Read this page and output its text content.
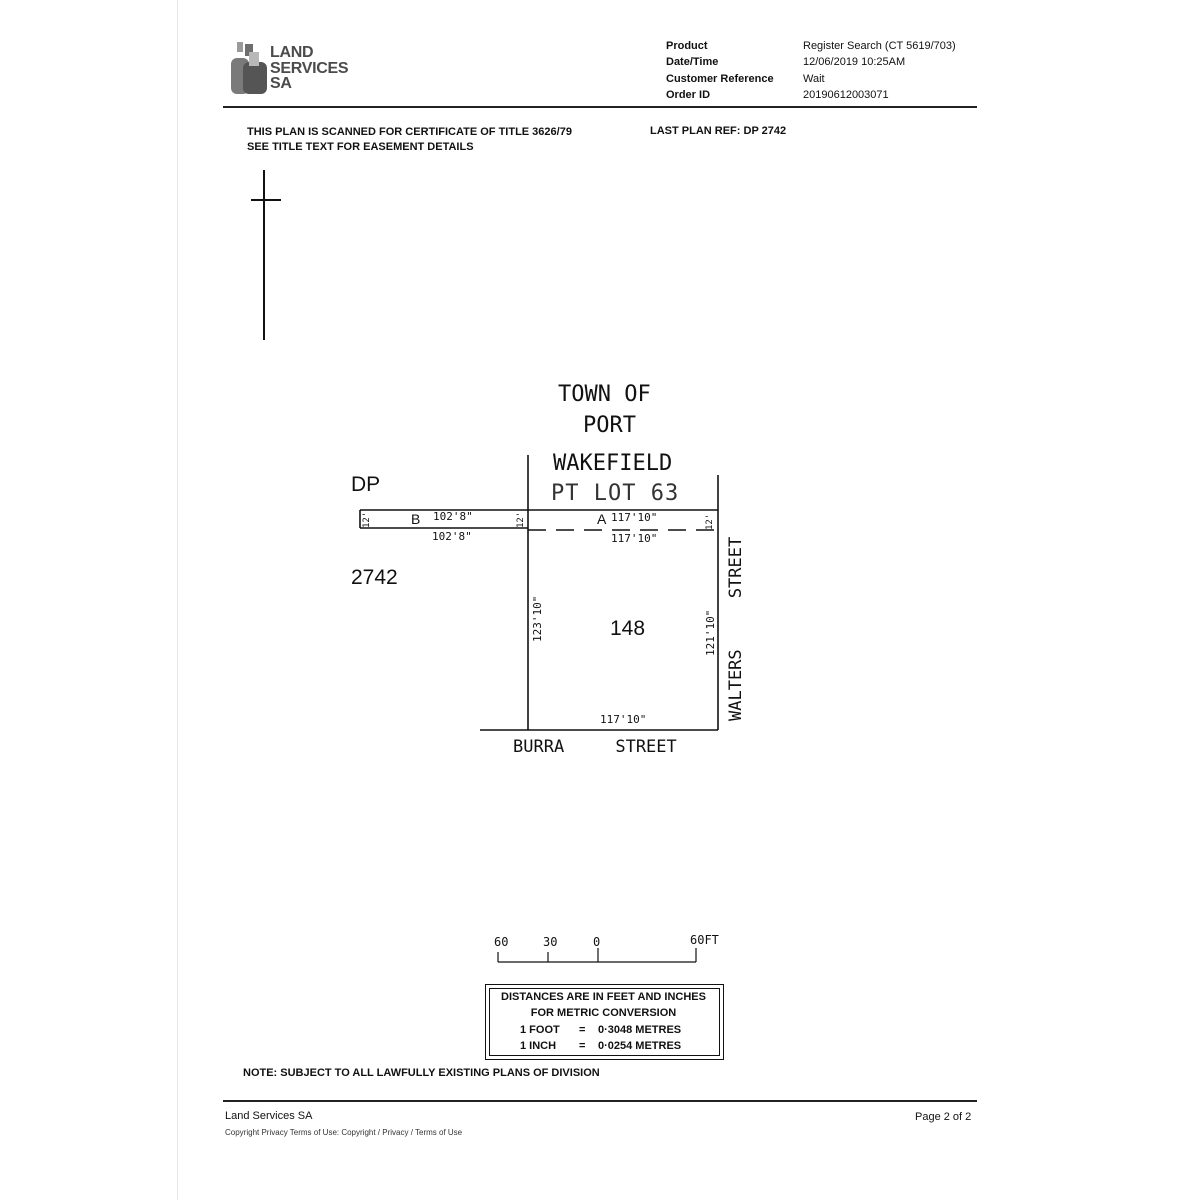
LAND
SERVICES
SA
Product	Register Search (CT 5619/703)
Date/Time	12/06/2019 10:25AM
Customer Reference	Wait
Order ID	20190612003071
THIS PLAN IS SCANNED FOR CERTIFICATE OF TITLE 3626/79
SEE TITLE TEXT FOR EASEMENT DETAILS
LAST PLAN REF: DP 2742
TOWN OF
PORT
WAKEFIELD
PT LOT 63
DP
2742
148
B	A
102'8"
102'8"
117'10"
117'10"
12'	12'	12'
123'10"	121'10"
117'10"
BURRA     STREET
WALTERS     STREET
60	30	0	60FT
DISTANCES ARE IN FEET AND INCHES
FOR METRIC CONVERSION
1 FOOT = 0·3048 METRES
1 INCH = 0·0254 METRES
NOTE: SUBJECT TO ALL LAWFULLY EXISTING PLANS OF DIVISION
Land Services SA
Copyright Privacy Terms of Use: Copyright / Privacy / Terms of Use
Page 2 of 2
